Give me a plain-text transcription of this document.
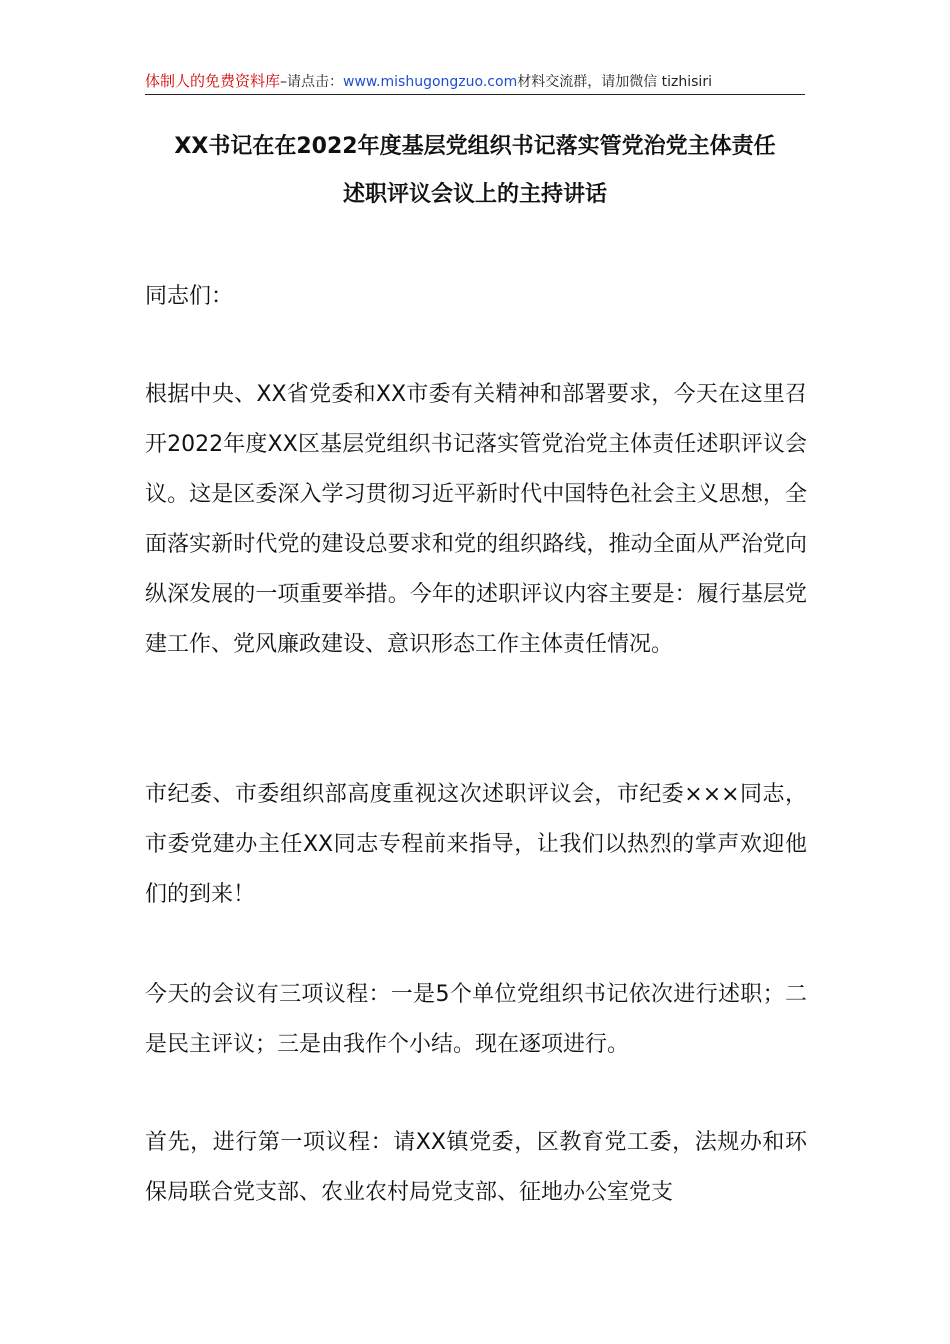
体制人的免费资料库–请点击：www.mishugongzuo.com材料交流群，请加微信 tizhisiri
XX书记在在2022年度基层党组织书记落实管党治党主体责任
述职评议会议上的主持讲话
同志们：
根据中央、XX省党委和XX市委有关精神和部署要求，今天在这里召开2022年度XX区基层党组织书记落实管党治党主体责任述职评议会议。这是区委深入学习贯彻习近平新时代中国特色社会主义思想，全面落实新时代党的建设总要求和党的组织路线，推动全面从严治党向纵深发展的一项重要举措。今年的述职评议内容主要是：履行基层党建工作、党风廉政建设、意识形态工作主体责任情况。
市纪委、市委组织部高度重视这次述职评议会，市纪委×××同志，市委党建办主任XX同志专程前来指导，让我们以热烈的掌声欢迎他们的到来！
今天的会议有三项议程：一是5个单位党组织书记依次进行述职；二是民主评议；三是由我作个小结。现在逐项进行。
首先，进行第一项议程：请XX镇党委，区教育党工委，法规办和环保局联合党支部、农业农村局党支部、征地办公室党支
